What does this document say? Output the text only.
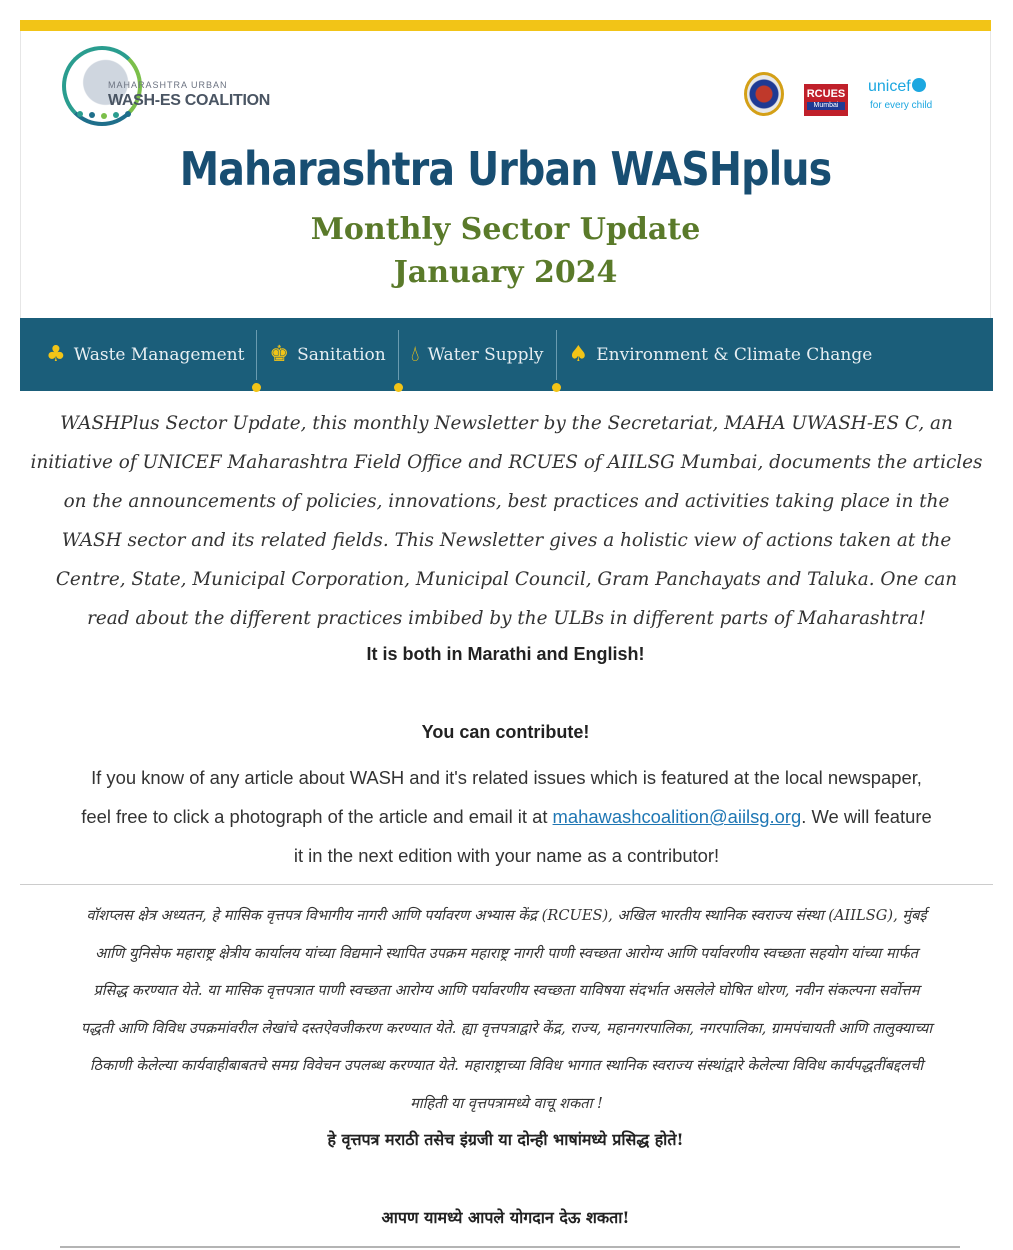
MAHARASHTRA URBAN
WASH-ES COALITION	RCUES
Mumbai
unicef
for every child
Maharashtra Urban WASHplus
Monthly Sector Update
January 2024
♣ Waste Management ♚ Sanitation 💧︎ Water Supply ♠ Environment & Climate Change
WASHPlus Sector Update, this monthly Newsletter by the Secretariat, MAHA UWASH-ES C, an
initiative of UNICEF Maharashtra Field Office and RCUES of AIILSG Mumbai, documents the articles
on the announcements of policies, innovations, best practices and activities taking place in the
WASH sector and its related fields. This Newsletter gives a holistic view of actions taken at the
Centre, State, Municipal Corporation, Municipal Council, Gram Panchayats and Taluka. One can
read about the different practices imbibed by the ULBs in different parts of Maharashtra!
It is both in Marathi and English!
You can contribute!
If you know of any article about WASH and it's related issues which is featured at the local newspaper,
feel free to click a photograph of the article and email it at mahawashcoalition@aiilsg.org. We will feature
it in the next edition with your name as a contributor!
वॉशप्लस क्षेत्र अध्यतन, हे मासिक वृत्तपत्र विभागीय नागरी आणि पर्यावरण अभ्यास केंद्र (RCUES), अखिल भारतीय स्थानिक स्वराज्य संस्था (AIILSG), मुंबई
आणि युनिसेफ महाराष्ट्र क्षेत्रीय कार्यालय यांच्या विद्यमाने स्थापित उपक्रम महाराष्ट्र नागरी पाणी स्वच्छता आरोग्य आणि पर्यावरणीय स्वच्छता सहयोग यांच्या मार्फत
प्रसिद्ध करण्यात येते. या मासिक वृत्तपत्रात पाणी स्वच्छता आरोग्य आणि पर्यावरणीय स्वच्छता याविषया संदर्भात असलेले घोषित धोरण, नवीन संकल्पना सर्वोत्तम
पद्धती आणि विविध उपक्रमांवरील लेखांचे दस्तऐवजीकरण करण्यात येते. ह्या वृत्तपत्राद्वारे केंद्र, राज्य, महानगरपालिका, नगरपालिका, ग्रामपंचायती आणि तालुक्याच्या
ठिकाणी केलेल्या कार्यवाहीबाबतचे समग्र विवेचन उपलब्ध करण्यात येते. महाराष्ट्राच्या विविध भागात स्थानिक स्वराज्य संस्थांद्वारे केलेल्या विविध कार्यपद्धतींबद्दलची
माहिती या वृत्तपत्रामध्ये वाचू शकता !
हे वृत्तपत्र मराठी तसेच इंग्रजी या दोन्ही भाषांमध्ये प्रसिद्ध होते!
आपण यामध्ये आपले योगदान देऊ शकता!
